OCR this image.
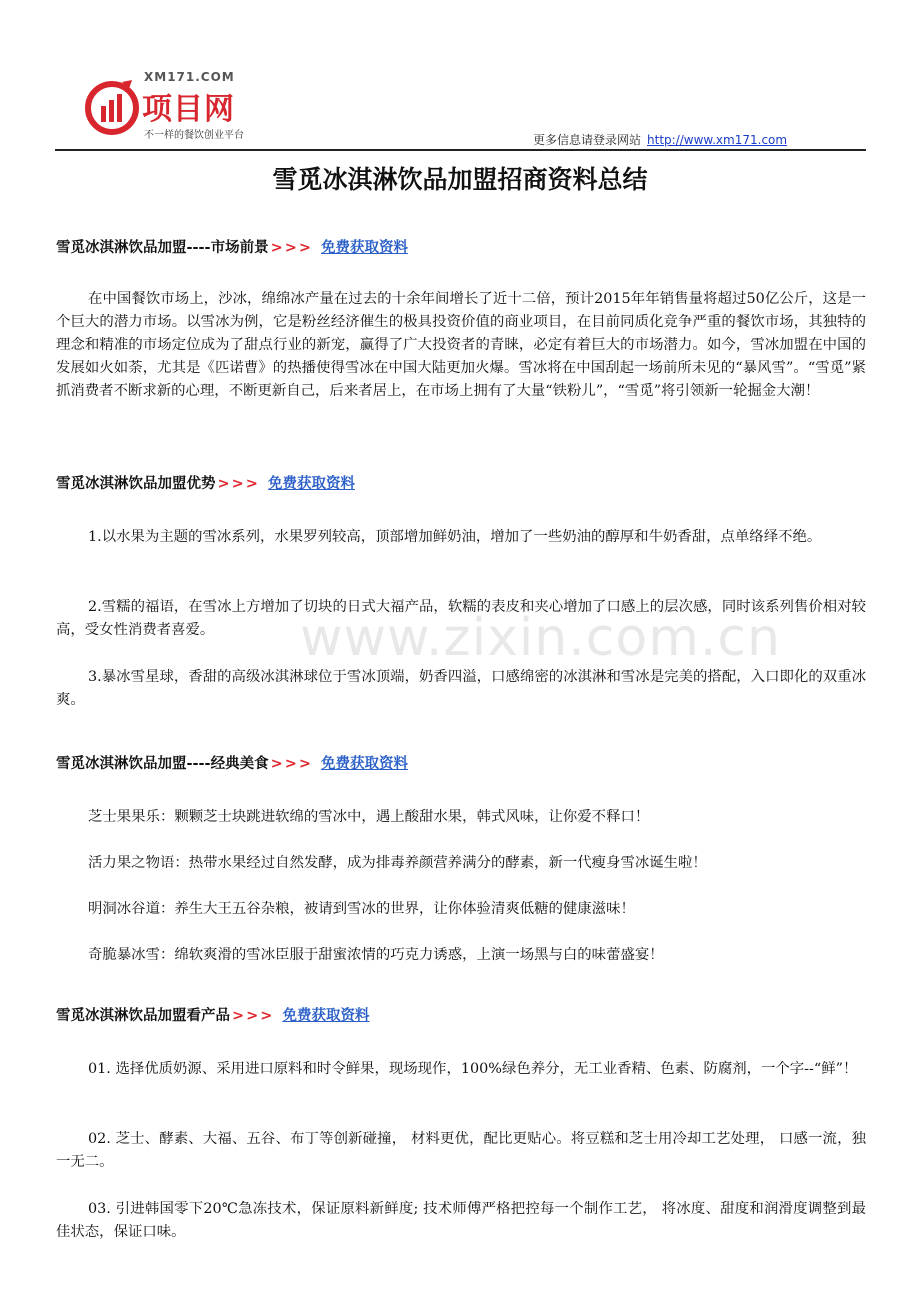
XM171.COM
项目网
不一样的餐饮创业平台	更多信息请登录网站 http://www.xm171.com
雪觅冰淇淋饮品加盟招商资料总结
www.zixin.com.cn
雪觅冰淇淋饮品加盟----市场前景 >>> 免费获取资料
在中国餐饮市场上，沙冰，绵绵冰产量在过去的十余年间增长了近十二倍，预计2015年年销售量将超过50亿公斤，这是一个巨大的潜力市场。以雪冰为例，它是粉丝经济催生的极具投资价值的商业项目，在目前同质化竞争严重的餐饮市场，其独特的理念和精准的市场定位成为了甜点行业的新宠，赢得了广大投资者的青睐，必定有着巨大的市场潜力。如今，雪冰加盟在中国的发展如火如荼，尤其是《匹诺曹》的热播使得雪冰在中国大陆更加火爆。雪冰将在中国刮起一场前所未见的“暴风雪”。“雪觅”紧抓消费者不断求新的心理，不断更新自己，后来者居上，在市场上拥有了大量“铁粉儿”，“雪觅”将引领新一轮掘金大潮！
雪觅冰淇淋饮品加盟优势 >>> 免费获取资料
1.以水果为主题的雪冰系列，水果罗列较高，顶部增加鲜奶油，增加了一些奶油的醇厚和牛奶香甜，点单络绎不绝。
2.雪糯的福语，在雪冰上方增加了切块的日式大福产品，软糯的表皮和夹心增加了口感上的层次感，同时该系列售价相对较高，受女性消费者喜爱。
3.暴冰雪星球，香甜的高级冰淇淋球位于雪冰顶端，奶香四溢，口感绵密的冰淇淋和雪冰是完美的搭配，入口即化的双重冰爽。
雪觅冰淇淋饮品加盟----经典美食 >>> 免费获取资料
芝士果果乐：颗颗芝士块跳进软绵的雪冰中，遇上酸甜水果，韩式风味，让你爱不释口！
活力果之物语：热带水果经过自然发酵，成为排毒养颜营养满分的酵素，新一代瘦身雪冰诞生啦！
明洞冰谷道：养生大王五谷杂粮，被请到雪冰的世界，让你体验清爽低糖的健康滋味！
奇脆暴冰雪：绵软爽滑的雪冰臣服于甜蜜浓情的巧克力诱惑，上演一场黑与白的味蕾盛宴！
雪觅冰淇淋饮品加盟看产品 >>> 免费获取资料
01. 选择优质奶源、采用进口原料和时令鲜果，现场现作，100%绿色养分，无工业香精、色素、防腐剂，一个字--“鲜”！
02. 芝士、酵素、大福、五谷、布丁等创新碰撞， 材料更优，配比更贴心。将豆糕和芝士用冷却工艺处理， 口感一流，独一无二。
03. 引进韩国零下20℃急冻技术，保证原料新鲜度; 技术师傅严格把控每一个制作工艺， 将冰度、甜度和润滑度调整到最佳状态，保证口味。
